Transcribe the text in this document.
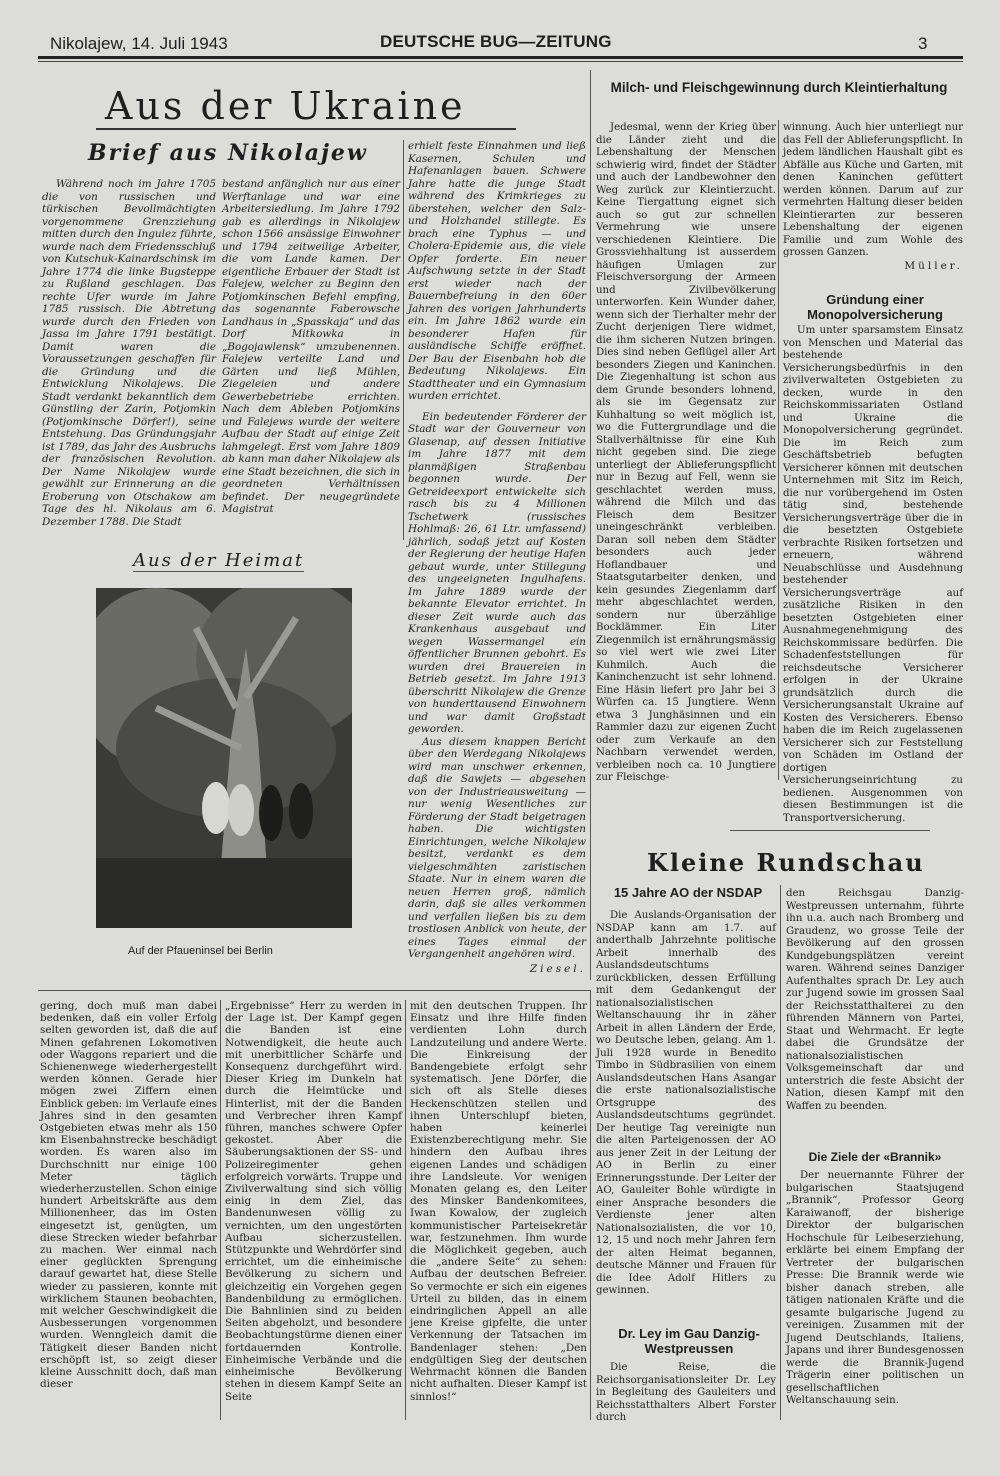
Nikolajew, 14. Juli 1943	DEUTSCHE BUG—ZEITUNG	3
Aus der Ukraine
Brief aus Nikolajew

Während noch im Jahre 1705 die von russischen und türkischen Bevollmächtigten vorgenommene Grenzziehung mitten durch den Ingulez führte, wurde nach dem Friedensschluß von Kutschuk-Kainardschinsk im Jahre 1774 die linke Bugsteppe zu Rußland geschlagen. Das rechte Ufer wurde im Jahre 1785 russisch. Die Abtretung wurde durch den Frieden von Jassa im Jahre 1791 bestätigt. Damit waren die Voraussetzungen geschaffen für die Gründung und die Entwicklung Nikolajews. Die Stadt verdankt bekanntlich dem Günstling der Zarin, Potjomkin (Potjomkinsche Dörfer!), seine Entstehung. Das Gründungsjahr ist 1789, das Jahr des Ausbruchs der französischen Revolution. Der Name Nikolajew wurde gewählt zur Erinnerung an die Eroberung von Otschakow am Tage des hl. Nikolaus am 6. Dezember 1788. Die Stadt

bestand anfänglich nur aus einer Werftanlage und war eine Arbeitersiedlung. Im Jahre 1792 gab es allerdings in Nikolajew schon 1566 ansässige Einwohner und 1794 zeitweilige Arbeiter, die vom Lande kamen. Der eigentliche Erbauer der Stadt ist Falejew, welcher zu Beginn den Potjomkinschen Befehl empfing, das sogenannte Faberowsche Landhaus in „Spasskaja“ und das Dorf Mitkowka in „Bogojawlensk“ umzubenennen. Falejew verteilte Land und Gärten und ließ Mühlen, Ziegeleien und andere Gewerbebetriebe errichten. Nach dem Ableben Potjomkins und Falejews wurde der weitere Aufbau der Stadt auf einige Zeit lahmgelegt. Erst vom Jahre 1809 ab kann man daher Nikolajew als eine Stadt bezeichnen, die sich in geordneten Verhältnissen befindet. Der neugegründete Magistrat

erhielt feste Einnahmen und ließ Kasernen, Schulen und Hafenanlagen bauen. Schwere Jahre hatte die junge Stadt während des Krimkrieges zu überstehen, welcher den Salz- und Holzhandel stillegte. Es brach eine Typhus — und Cholera-Epidemie aus, die viele Opfer forderte. Ein neuer Aufschwung setzte in der Stadt erst wieder nach der Bauernbefreiung in den 60er Jahren des vorigen Jahrhunderts ein. Im Jahre 1862 wurde ein besonderer Hafen für ausländische Schiffe eröffnet. Der Bau der Eisenbahn hob die Bedeutung Nikolajews. Ein Stadttheater und ein Gymnasium wurden errichtet.

Ein bedeutender Förderer der Stadt war der Gouverneur von Glasenap, auf dessen Initiative im Jahre 1877 mit dem planmäßigen Straßenbau begonnen wurde. Der Getreideexport entwickelte sich rasch bis zu 4 Millionen Tschetwerk (russisches Hohlmaß: 26, 61 Ltr. umfassend) jährlich, sodaß jetzt auf Kosten der Regierung der heutige Hafen gebaut wurde, unter Stillegung des ungeeigneten Ingulhafens. Im Jahre 1889 wurde der bekannte Elevator errichtet. In dieser Zeit wurde auch das Krankenhaus ausgebaut und wegen Wassermangel ein öffentlicher Brunnen gebohrt. Es wurden drei Brauereien in Betrieb gesetzt. Im Jahre 1913 überschritt Nikolajew die Grenze von hunderttausend Einwohnern und war damit Großstadt geworden.

Aus diesem knappen Bericht über den Werdegang Nikolajews wird man unschwer erkennen, daß die Sawjets — abgesehen von der Industrieausweitung — nur wenig Wesentliches zur Förderung der Stadt beigetragen haben. Die wichtigsten Einrichtungen, welche Nikolajew besitzt, verdankt es dem vielgeschmähten zaristischen Staate. Nur in einem waren die neuen Herren groß, nämlich darin, daß sie alles verkommen und verfallen ließen bis zu dem trostlosen Anblick von heute, der eines Tages einmal der Vergangenheit angehören wird.

Ziesel.
Aus der Heimat
Auf der Pfaueninsel bei Berlin
Milch- und Fleischgewinnung durch Kleintierhaltung

Jedesmal, wenn der Krieg über die Länder zieht und die Lebenshaltung der Menschen schwierig wird, findet der Städter und auch der Landbewohner den Weg zurück zur Kleintierzucht. Keine Tiergattung eignet sich auch so gut zur schnellen Vermehrung wie unsere verschiedenen Kleintiere. Die Grossviehhaltung ist ausserdem häufigen Umlagen zur Fleischversorgung der Armeen und Zivilbevölkerung unterworfen. Kein Wunder daher, wenn sich der Tierhalter mehr der Zucht derjenigen Tiere widmet, die ihm sicheren Nutzen bringen. Dies sind neben Geflügel aller Art besonders Ziegen und Kaninchen. Die Ziegenhaltung ist schon aus dem Grunde besonders lohnend, als sie im Gegensatz zur Kuhhaltung so weit möglich ist, wo die Futtergrundlage und die Stallverhältnisse für eine Kuh nicht gegeben sind. Die ziege unterliegt der Ablieferungspflicht nur in Bezug auf Fell, wenn sie geschlachtet werden muss, während die Milch und das Fleisch dem Besitzer uneingeschränkt verbleiben. Daran soll neben dem Städter besonders auch jeder Hoflandbauer und Staatsgutarbeiter denken, und kein gesundes Ziegenlamm darf mehr abgeschlachtet werden, sondern nur überzählige Bocklämmer. Ein Liter Ziegenmilch ist ernährungsmässig so viel wert wie zwei Liter Kuhmilch. Auch die Kaninchenzucht ist sehr lohnend. Eine Häsin liefert pro Jahr bei 3 Würfen ca. 15 Jungtiere. Wenn etwa 3 Junghäsinnen und ein Rammler dazu zur eigenen Zucht oder zum Verkaufe an den Nachbarn verwendet werden, verbleiben noch ca. 10 Jungtiere zur Fleischge-

winnung. Auch hier unterliegt nur das Fell der Ablieferungspflicht. In jedem ländlichen Haushalt gibt es Abfälle aus Küche und Garten, mit denen Kaninchen gefüttert werden können. Darum auf zur vermehrten Haltung dieser beiden Kleintierarten zur besseren Lebenshaltung der eigenen Familie und zum Wohle des grossen Ganzen.

Müller.
Gründung einer Monopolversicherung

Um unter sparsamstem Einsatz von Menschen und Material das bestehende Versicherungsbedürfnis in den zivilverwalteten Ostgebieten zu decken, wurde in den Reichskommissariaten Ostland und Ukraine die Monopolversicherung gegründet. Die im Reich zum Geschäftsbetrieb befugten Versicherer können mit deutschen Unternehmen mit Sitz im Reich, die nur vorübergehend im Osten tätig sind, bestehende Versicherungsverträge über die in die besetzten Ostgebiete verbrachte Risiken fortsetzen und erneuern, während Neuabschlüsse und Ausdehnung bestehender Versicherungsverträge auf zusätzliche Risiken in den besetzten Ostgebieten einer Ausnahmegenehmigung des Reichskommissare bedürfen. Die Schadenfeststellungen für reichsdeutsche Versicherer erfolgen in der Ukraine grundsätzlich durch die Versicherungsanstalt Ukraine auf Kosten des Versicherers. Ebenso haben die im Reich zugelassenen Versicherer sich zur Feststellung von Schäden im Ostland der dortigen Versicherungseinrichtung zu bedienen. Ausgenommen von diesen Bestimmungen ist die Transportversicherung.

Kleine Rundschau
15 Jahre AO der NSDAP

Die Auslands-Organisation der NSDAP kann am 1.7. auf anderthalb Jahrzehnte politische Arbeit innerhalb des Auslandsdeutschtums zurückblicken, dessen Erfüllung mit dem Gedankengut der nationalsozialistischen Weltanschauung ihr in zäher Arbeit in allen Ländern der Erde, wo Deutsche leben, gelang. Am 1. Juli 1928 wurde in Benedito Timbo in Südbrasilien von einem Auslandsdeutschen Hans Asangar die erste nationalsozialistische Ortsgruppe des Auslandsdeutschtums gegründet. Der heutige Tag vereinigte nun die alten Parteigenossen der AO aus jener Zeit in der Leitung der AO in Berlin zu einer Erinnerungsstunde. Der Leiter der AO, Gauleiter Bohle würdigte in einer Ansprache besonders die Verdienste jener alten Nationalsozialisten, die vor 10, 12, 15 und noch mehr Jahren fern der alten Heimat begannen, deutsche Männer und Frauen für die Idee Adolf Hitlers zu gewinnen.

Dr. Ley im Gau Danzig-Westpreussen

Die Reise, die Reichsorganisationsleiter Dr. Ley in Begleitung des Gauleiters und Reichsstatthalters Albert Forster durch

den Reichsgau Danzig-Westpreussen unternahm, führte ihn u.a. auch nach Bromberg und Graudenz, wo grosse Teile der Bevölkerung auf den grossen Kundgebungsplätzen vereint waren. Während seines Danziger Aufenthaltes sprach Dr. Ley auch zur Jugend sowie im grossen Saal der Reichsstatthalterei zu den führenden Männern von Partei, Staat und Wehrmacht. Er legte dabei die Grundsätze der nationalsozialistischen Volksgemeinschaft dar und unterstrich die feste Absicht der Nation, diesen Kampf mit den Waffen zu beenden.

Die Ziele der «Brannik»

Der neuernannte Führer der bulgarischen Staatsjugend „Brannik“, Professor Georg Karaiwanoff, der bisherige Direktor der bulgarischen Hochschule für Leibeserziehung, erklärte bei einem Empfang der Vertreter der bulgarischen Presse: Die Brannik werde wie bisher danach streben, alle tätigen nationalen Kräfte und die gesamte bulgarische Jugend zu vereinigen. Zusammen mit der Jugend Deutschlands, Italiens, Japans und ihrer Bundesgenossen werde die Brannik-Jugend Trägerin einer politischen un gesellschaftlichen Weltanschauung sein.

gering, doch muß man dabei bedenken, daß ein voller Erfolg selten geworden ist, daß die auf Minen gefahrenen Lokomotiven oder Waggons repariert und die Schienenwege wiederhergestellt werden können. Gerade hier mögen zwei Ziffern einen Einblick geben: im Verlaufe eines Jahres sind in den gesamten Ostgebieten etwas mehr als 150 km Eisenbahnstrecke beschädigt worden. Es waren also im Durchschnitt nur einige 100 Meter täglich wiederherzustellen. Schon einige hundert Arbeitskräfte aus dem Millionenheer, das im Osten eingesetzt ist, genügten, um diese Strecken wieder befahrbar zu machen. Wer einmal nach einer geglückten Sprengung darauf gewartet hat, diese Stelle wieder zu passieren, konnte mit wirklichem Staunen beobachten, mit welcher Geschwindigkeit die Ausbesserungen vorgenommen wurden. Wenngleich damit die Tätigkeit dieser Banden nicht erschöpft ist, so zeigt dieser kleine Ausschnitt doch, daß man dieser

„Ergebnisse“ Herr zu werden in der Lage ist. Der Kampf gegen die Banden ist eine Notwendigkeit, die heute auch mit unerbittlicher Schärfe und Konsequenz durchgeführt wird. Dieser Krieg im Dunkeln hat durch die Heimtücke und Hinterlist, mit der die Banden und Verbrecher ihren Kampf führen, manches schwere Opfer gekostet. Aber die Säuberungsaktionen der SS- und Polizeiregimenter gehen erfolgreich vorwärts. Truppe und Zivilverwaltung sind sich völlig einig in dem Ziel, das Bandenunwesen völlig zu vernichten, um den ungestörten Aufbau sicherzustellen. Stützpunkte und Wehrdörfer sind errichtet, um die einheimische Bevölkerung zu sichern und gleichzeitig ein Vorgehen gegen Bandenbildung zu ermöglichen. Die Bahnlinien sind zu beiden Seiten abgeholzt, und besondere Beobachtungstürme dienen einer fortdauernden Kontrolle. Einheimische Verbände und die einheimische Bevölkerung stehen in diesem Kampf Seite an Seite

mit den deutschen Truppen. Ihr Einsatz und ihre Hilfe finden verdienten Lohn durch Landzuteilung und andere Werte. Die Einkreisung der Bandengebiete erfolgt sehr systematisch. Jene Dörfer, die sich oft als Stelle dieses Heckenschützen stellen und ihnen Unterschlupf bieten, haben keinerlei Existenzberechtigung mehr. Sie hindern den Aufbau ihres eigenen Landes und schädigen ihre Landsleute. Vor wenigen Monaten gelang es, den Leiter des Minsker Bandenkomitees, Iwan Kowalow, der zugleich kommunistischer Parteisekretär war, festzunehmen. Ihm wurde die Möglichkeit gegeben, auch die „andere Seite“ zu sehen: Aufbau der deutschen Befreier. So vermochte er sich ein eigenes Urteil zu bilden, das in einem eindringlichen Appell an alle jene Kreise gipfelte, die unter Verkennung der Tatsachen im Bandenlager stehen: „Den endgültigen Sieg der deutschen Wehrmacht können die Banden nicht aufhalten. Dieser Kampf ist sinnlos!“
